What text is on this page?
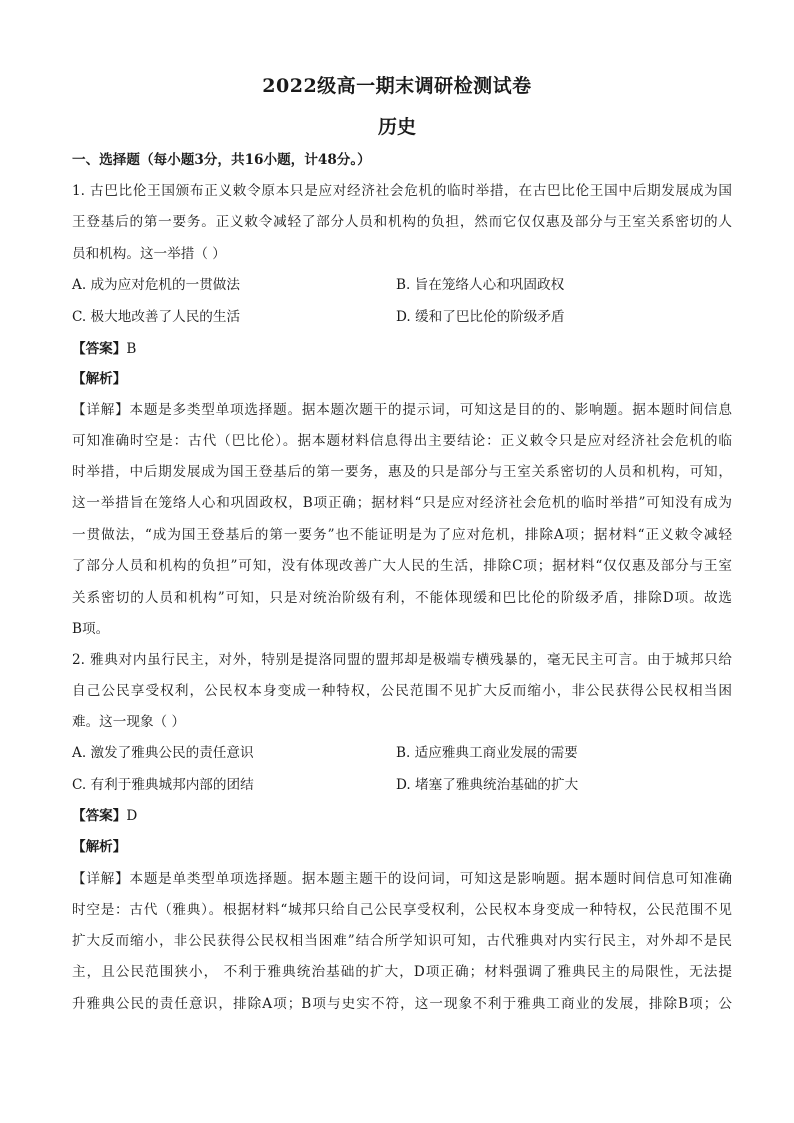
2022级高一期末调研检测试卷
历史
一、选择题（每小题3分，共16小题，计48分。）
1. 古巴比伦王国颁布正义敕令原本只是应对经济社会危机的临时举措，在古巴比伦王国中后期发展成为国
王登基后的第一要务。正义敕令减轻了部分人员和机构的负担，然而它仅仅惠及部分与王室关系密切的人
员和机构。这一举措（ ）
A. 成为应对危机的一贯做法	B. 旨在笼络人心和巩固政权
C. 极大地改善了人民的生活	D. 缓和了巴比伦的阶级矛盾
【答案】B
【解析】
【详解】本题是多类型单项选择题。据本题次题干的提示词，可知这是目的的、影响题。据本题时间信息
可知准确时空是：古代（巴比伦）。据本题材料信息得出主要结论：正义敕令只是应对经济社会危机的临
时举措，中后期发展成为国王登基后的第一要务，惠及的只是部分与王室关系密切的人员和机构，可知，
这一举措旨在笼络人心和巩固政权，B项正确；据材料“只是应对经济社会危机的临时举措”可知没有成为
一贯做法，“成为国王登基后的第一要务”也不能证明是为了应对危机，排除A项；据材料“正义敕令减轻
了部分人员和机构的负担”可知，没有体现改善广大人民的生活，排除C项；据材料“仅仅惠及部分与王室
关系密切的人员和机构”可知，只是对统治阶级有利，不能体现缓和巴比伦的阶级矛盾，排除D项。故选
B项。
2. 雅典对内虽行民主，对外，特别是提洛同盟的盟邦却是极端专横残暴的，毫无民主可言。由于城邦只给
自己公民享受权利，公民权本身变成一种特权，公民范围不见扩大反而缩小，非公民获得公民权相当困
难。这一现象（ ）
A. 激发了雅典公民的责任意识	B. 适应雅典工商业发展的需要
C. 有利于雅典城邦内部的团结	D. 堵塞了雅典统治基础的扩大
【答案】D
【解析】
【详解】本题是单类型单项选择题。据本题主题干的设问词，可知这是影响题。据本题时间信息可知准确
时空是：古代（雅典）。根据材料“城邦只给自己公民享受权利，公民权本身变成一种特权，公民范围不见
扩大反而缩小，非公民获得公民权相当困难”结合所学知识可知，古代雅典对内实行民主，对外却不是民
主，且公民范围狭小， 不利于雅典统治基础的扩大，D项正确；材料强调了雅典民主的局限性，无法提
升雅典公民的责任意识，排除A项；B项与史实不符，这一现象不利于雅典工商业的发展，排除B项；公
